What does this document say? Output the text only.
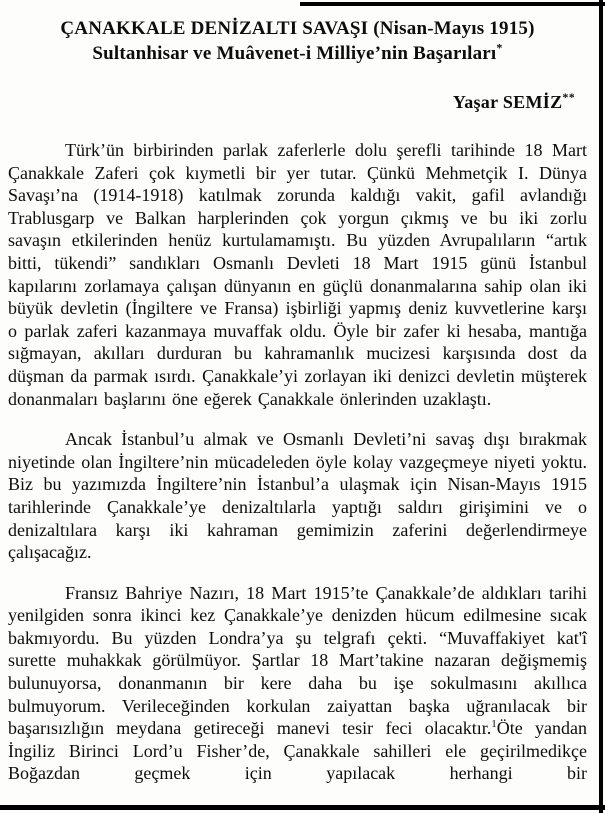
ÇANAKKALE DENİZALTI SAVAŞI (Nisan-Mayıs 1915)
Sultanhisar ve Muâvenet-i Milliye’nin Başarıları*
Yaşar SEMİZ**

Türk’ün birbirinden parlak zaferlerle dolu şerefli tarihinde 18 Mart Çanakkale Zaferi çok kıymetli bir yer tutar. Çünkü Mehmetçik I. Dünya Savaşı’na (1914-1918) katılmak zorunda kaldığı vakit, gafil avlandığı Trablusgarp ve Balkan harplerinden çok yorgun çıkmış ve bu iki zorlu savaşın etkilerinden henüz kurtulamamıştı. Bu yüzden Avrupalıların “artık bitti, tükendi” sandıkları Osmanlı Devleti 18 Mart 1915 günü İstanbul kapılarını zorlamaya çalışan dünyanın en güçlü donanmalarına sahip olan iki büyük devletin (İngiltere ve Fransa) işbirliği yapmış deniz kuvvetlerine karşı o parlak zaferi kazanmaya muvaffak oldu. Öyle bir zafer ki hesaba, mantığa sığmayan, akılları durduran bu kahramanlık mucizesi karşısında dost da düşman da parmak ısırdı. Çanakkale’yi zorlayan iki denizci devletin müşterek donanmaları başlarını öne eğerek Çanakkale önlerinden uzaklaştı.

Ancak İstanbul’u almak ve Osmanlı Devleti’ni savaş dışı bırakmak niyetinde olan İngiltere’nin mücadeleden öyle kolay vazgeçmeye niyeti yoktu. Biz bu yazımızda İngiltere’nin İstanbul’a ulaşmak için Nisan-Mayıs 1915 tarihlerinde Çanakkale’ye denizaltılarla yaptığı saldırı girişimini ve o denizaltılara karşı iki kahraman gemimizin zaferini değerlendirmeye çalışacağız.

Fransız Bahriye Nazırı, 18 Mart 1915’te Çanakkale’de aldıkları tarihi yenilgiden sonra ikinci kez Çanakkale’ye denizden hücum edilmesine sıcak bakmıyordu. Bu yüzden Londra’ya şu telgrafı çekti. “Muvaffakiyet kat'î surette muhakkak görülmüyor. Şartlar 18 Mart’takine nazaran değişmemiş bulunuyorsa, donanmanın bir kere daha bu işe sokulmasını akıllıca bulmuyorum. Verileceğinden korkulan zaiyattan başka uğranılacak bir başarısızlığın meydana getireceği manevi tesir feci olacaktır.$^1$Öte yandan İngiliz Birinci Lord’u Fisher’de, Çanakkale sahilleri ele geçirilmedikçe Boğazdan geçmek için yapılacak herhangi bir
